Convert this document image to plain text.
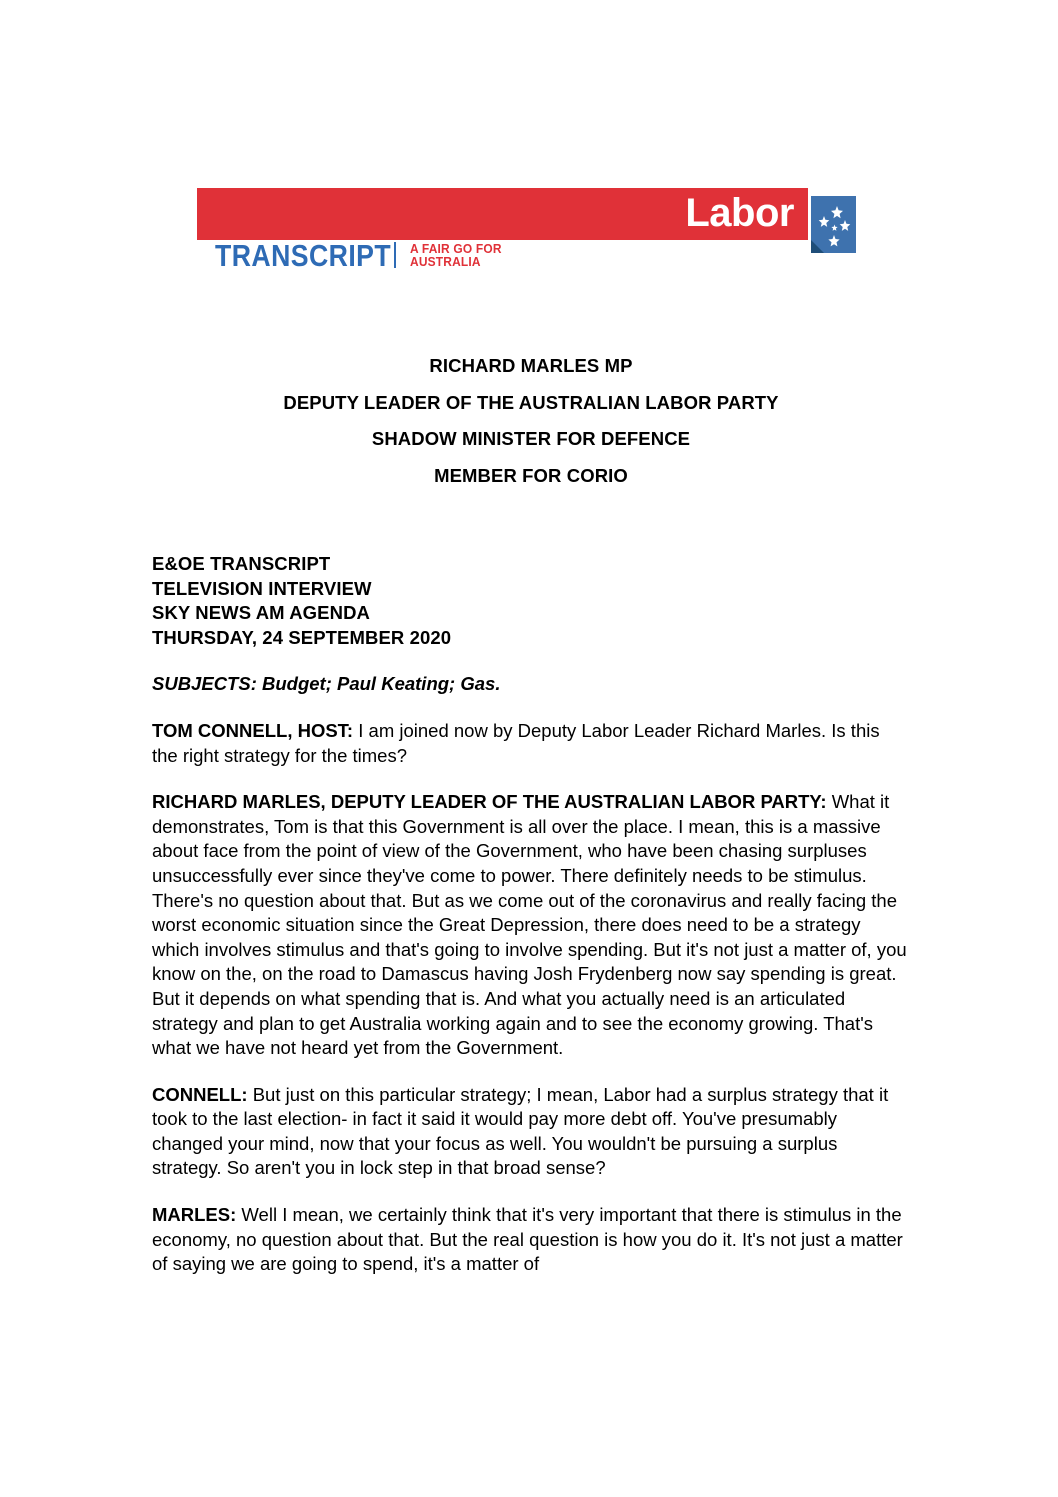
Labor
TRANSCRIPT A FAIR GO FOR
AUSTRALIA
RICHARD MARLES MP
DEPUTY LEADER OF THE AUSTRALIAN LABOR PARTY
SHADOW MINISTER FOR DEFENCE
MEMBER FOR CORIO
E&OE TRANSCRIPT
TELEVISION INTERVIEW
SKY NEWS AM AGENDA
THURSDAY, 24 SEPTEMBER 2020
SUBJECTS: Budget; Paul Keating; Gas.
TOM CONNELL, HOST: I am joined now by Deputy Labor Leader Richard Marles. Is this the right strategy for the times?
RICHARD MARLES, DEPUTY LEADER OF THE AUSTRALIAN LABOR PARTY: What it demonstrates, Tom is that this Government is all over the place. I mean, this is a massive about face from the point of view of the Government, who have been chasing surpluses unsuccessfully ever since they've come to power. There definitely needs to be stimulus. There's no question about that. But as we come out of the coronavirus and really facing the worst economic situation since the Great Depression, there does need to be a strategy which involves stimulus and that's going to involve spending. But it's not just a matter of, you know on the, on the road to Damascus having Josh Frydenberg now say spending is great. But it depends on what spending that is. And what you actually need is an articulated strategy and plan to get Australia working again and to see the economy growing. That's what we have not heard yet from the Government.
CONNELL: But just on this particular strategy; I mean, Labor had a surplus strategy that it took to the last election- in fact it said it would pay more debt off. You've presumably changed your mind, now that your focus as well. You wouldn't be pursuing a surplus strategy. So aren't you in lock step in that broad sense?
MARLES: Well I mean, we certainly think that it's very important that there is stimulus in the economy, no question about that. But the real question is how you do it. It's not just a matter of saying we are going to spend, it's a matter of
